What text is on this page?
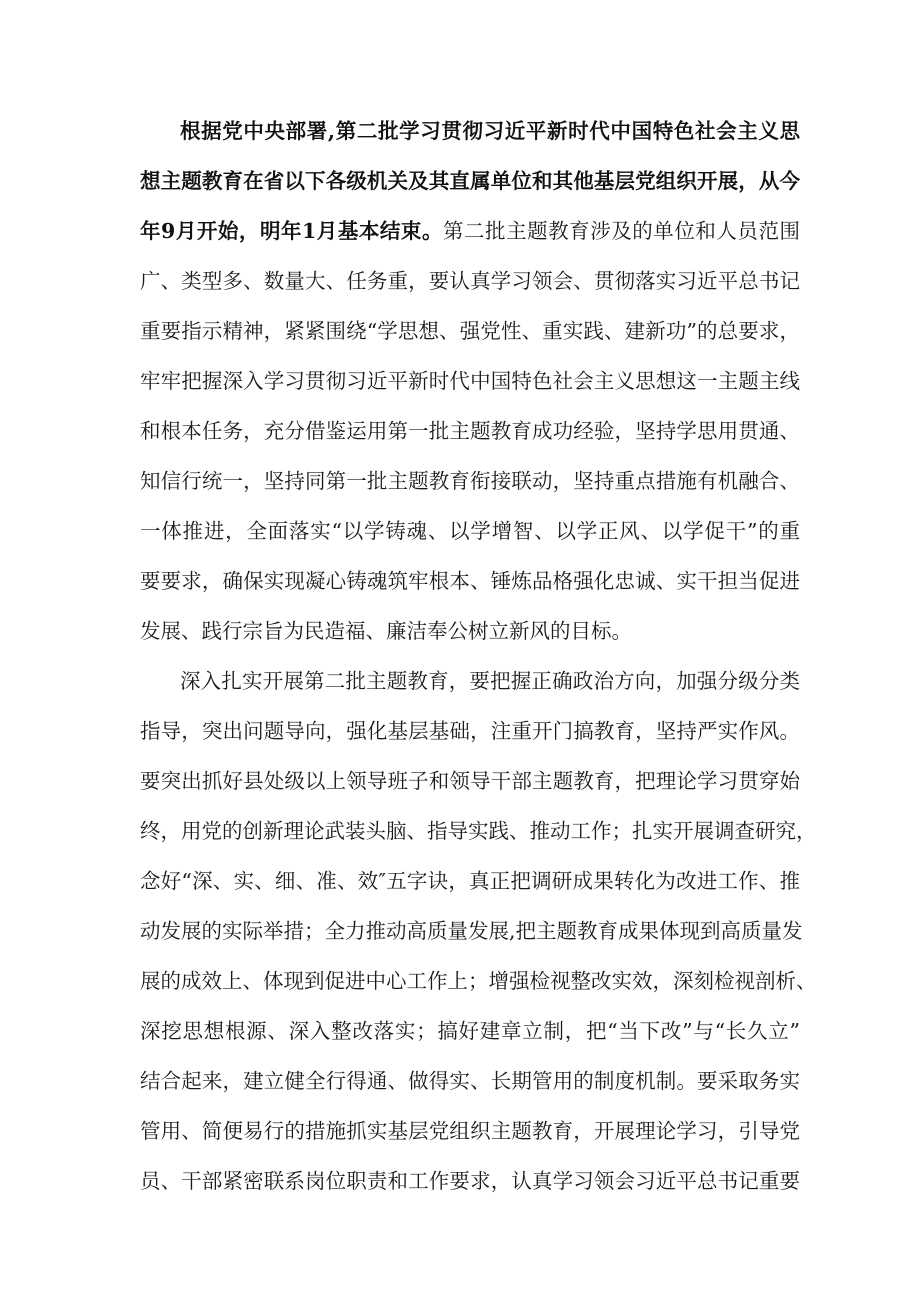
根据党中央部署,第二批学习贯彻习近平新时代中国特色社会主义思
想主题教育在省以下各级机关及其直属单位和其他基层党组织开展，从今
年9月开始，明年1月基本结束。第二批主题教育涉及的单位和人员范围
广、类型多、数量大、任务重，要认真学习领会、贯彻落实习近平总书记
重要指示精神，紧紧围绕“学思想、强党性、重实践、建新功”的总要求，
牢牢把握深入学习贯彻习近平新时代中国特色社会主义思想这一主题主线
和根本任务，充分借鉴运用第一批主题教育成功经验，坚持学思用贯通、
知信行统一，坚持同第一批主题教育衔接联动，坚持重点措施有机融合、
一体推进，全面落实“以学铸魂、以学增智、以学正风、以学促干”的重
要要求，确保实现凝心铸魂筑牢根本、锤炼品格强化忠诚、实干担当促进
发展、践行宗旨为民造福、廉洁奉公树立新风的目标。
深入扎实开展第二批主题教育，要把握正确政治方向，加强分级分类
指导，突出问题导向，强化基层基础，注重开门搞教育，坚持严实作风。
要突出抓好县处级以上领导班子和领导干部主题教育，把理论学习贯穿始
终，用党的创新理论武装头脑、指导实践、推动工作；扎实开展调查研究，
念好“深、实、细、准、效″五字诀，真正把调研成果转化为改进工作、推
动发展的实际举措；全力推动高质量发展,把主题教育成果体现到高质量发
展的成效上、体现到促进中心工作上；增强检视整改实效，深刻检视剖析、
深挖思想根源、深入整改落实；搞好建章立制，把“当下改”与“长久立”
结合起来，建立健全行得通、做得实、长期管用的制度机制。要采取务实
管用、简便易行的措施抓实基层党组织主题教育，开展理论学习，引导党
员、干部紧密联系岗位职责和工作要求，认真学习领会习近平总书记重要
